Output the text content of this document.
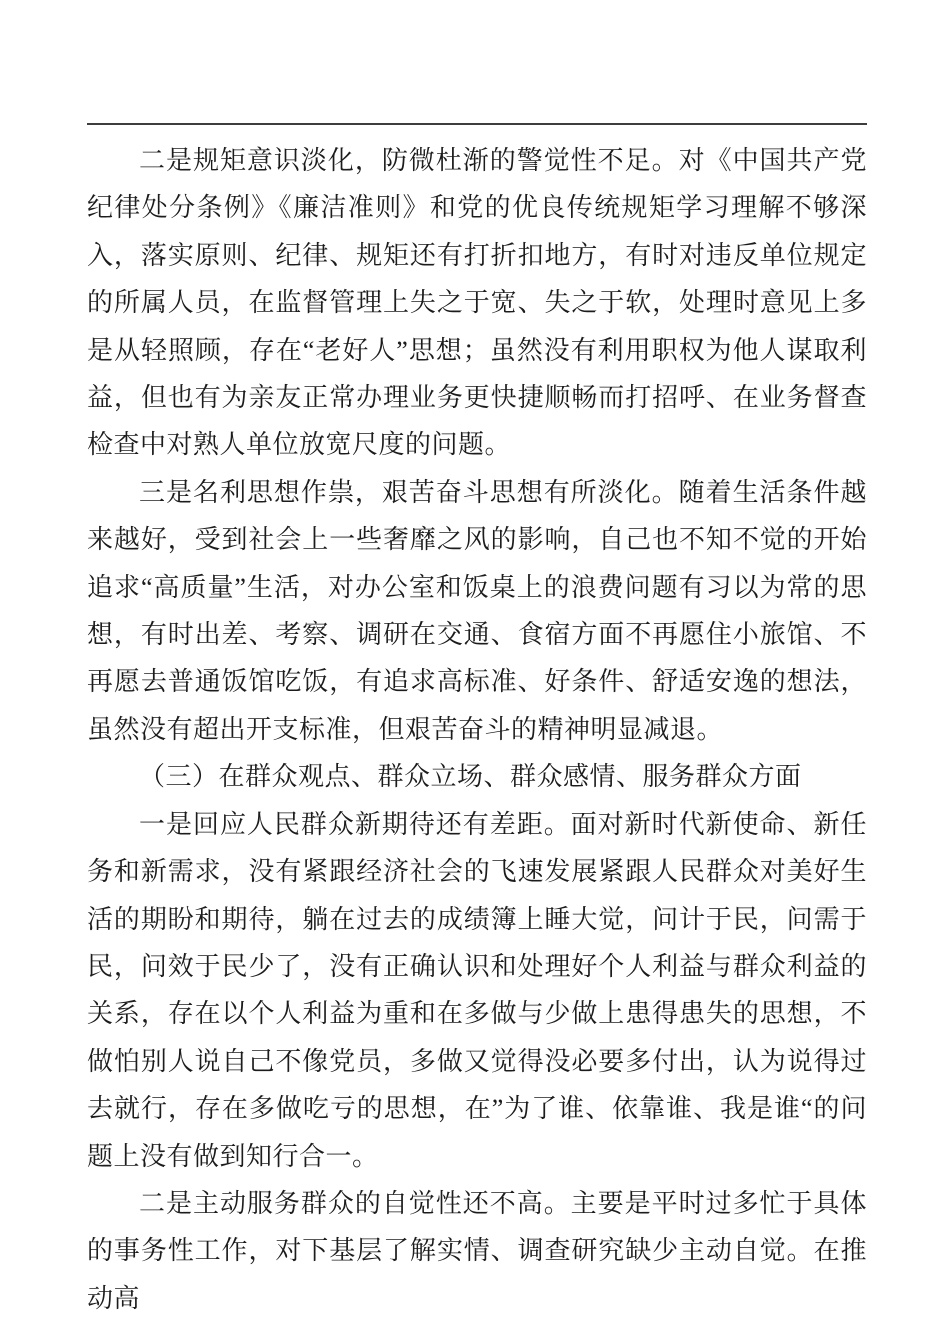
二是规矩意识淡化，防微杜渐的警觉性不足。对《中国共产党纪律处分条例》《廉洁准则》和党的优良传统规矩学习理解不够深入，落实原则、纪律、规矩还有打折扣地方，有时对违反单位规定的所属人员，在监督管理上失之于宽、失之于软，处理时意见上多是从轻照顾，存在“老好人”思想；虽然没有利用职权为他人谋取利益，但也有为亲友正常办理业务更快捷顺畅而打招呼、在业务督查检查中对熟人单位放宽尺度的问题。

三是名利思想作祟，艰苦奋斗思想有所淡化。随着生活条件越来越好，受到社会上一些奢靡之风的影响，自己也不知不觉的开始追求“高质量”生活，对办公室和饭桌上的浪费问题有习以为常的思想，有时出差、考察、调研在交通、食宿方面不再愿住小旅馆、不再愿去普通饭馆吃饭，有追求高标准、好条件、舒适安逸的想法，虽然没有超出开支标准，但艰苦奋斗的精神明显减退。

（三）在群众观点、群众立场、群众感情、服务群众方面

一是回应人民群众新期待还有差距。面对新时代新使命、新任务和新需求，没有紧跟经济社会的飞速发展紧跟人民群众对美好生活的期盼和期待，躺在过去的成绩簿上睡大觉，问计于民，问需于民，问效于民少了，没有正确认识和处理好个人利益与群众利益的关系，存在以个人利益为重和在多做与少做上患得患失的思想，不做怕别人说自己不像党员，多做又觉得没必要多付出，认为说得过去就行，存在多做吃亏的思想，在”为了谁、依靠谁、我是谁“的问题上没有做到知行合一。

二是主动服务群众的自觉性还不高。主要是平时过多忙于具体的事务性工作，对下基层了解实情、调查研究缺少主动自觉。在推动高
